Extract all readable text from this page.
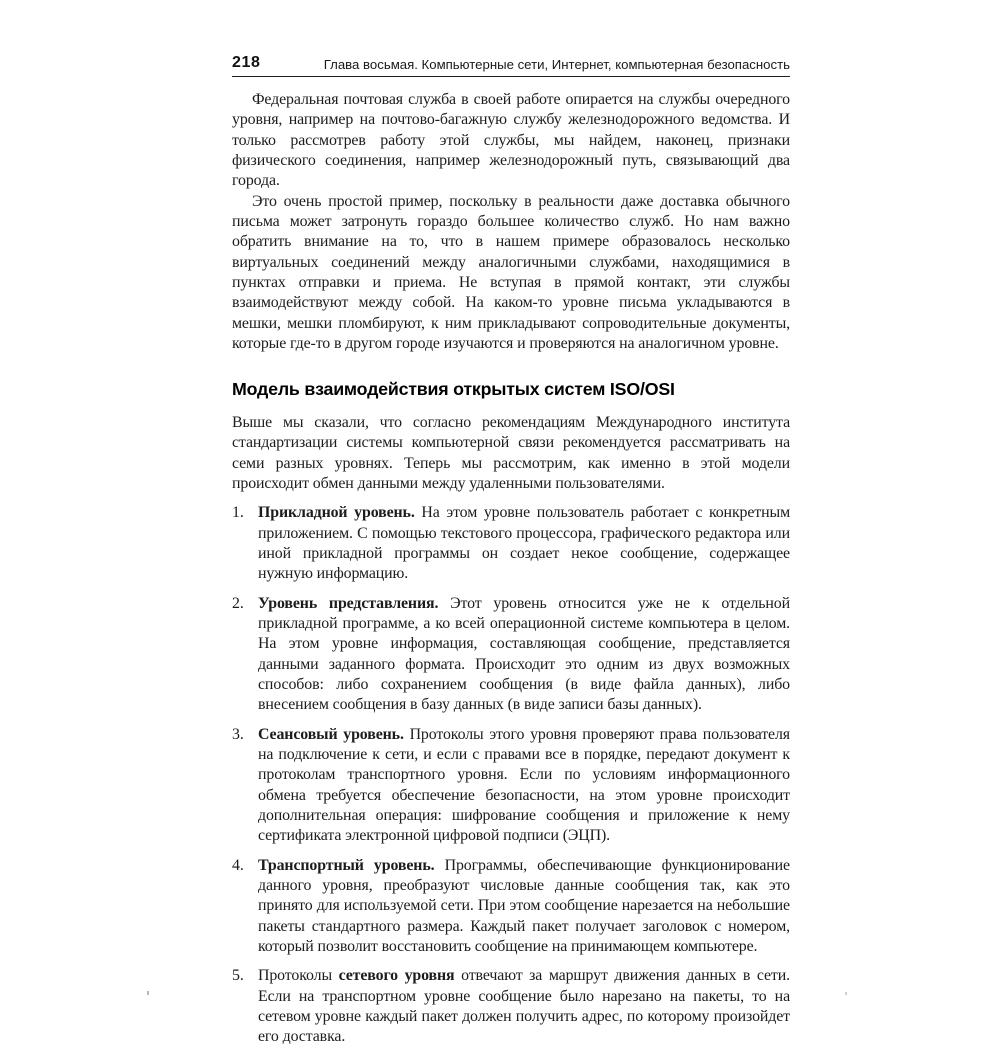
218	Глава восьмая. Компьютерные сети, Интернет, компьютерная безопасность

Федеральная почтовая служба в своей работе опирается на службы очередного уровня, например на почтово-багажную службу железнодорожного ведомства. И только рассмотрев работу этой службы, мы найдем, наконец, признаки физического соединения, например железнодорожный путь, связывающий два города.

Это очень простой пример, поскольку в реальности даже доставка обычного письма может затронуть гораздо большее количество служб. Но нам важно обратить внимание на то, что в нашем примере образовалось несколько виртуальных соединений между аналогичными службами, находящимися в пунктах отправки и приема. Не вступая в прямой контакт, эти службы взаимодействуют между собой. На каком-то уровне письма укладываются в мешки, мешки пломбируют, к ним прикладывают сопроводительные документы, которые где-то в другом городе изучаются и проверяются на аналогичном уровне.

Модель взаимодействия открытых систем ISO/OSI

Выше мы сказали, что согласно рекомендациям Международного института стандартизации системы компьютерной связи рекомендуется рассматривать на семи разных уровнях. Теперь мы рассмотрим, как именно в этой модели происходит обмен данными между удаленными пользователями.

1. Прикладной уровень. На этом уровне пользователь работает с конкретным приложением. С помощью текстового процессора, графического редактора или иной прикладной программы он создает некое сообщение, содержащее нужную информацию.
2. Уровень представления. Этот уровень относится уже не к отдельной прикладной программе, а ко всей операционной системе компьютера в целом. На этом уровне информация, составляющая сообщение, представляется данными заданного формата. Происходит это одним из двух возможных способов: либо сохранением сообщения (в виде файла данных), либо внесением сообщения в базу данных (в виде записи базы данных).
3. Сеансовый уровень. Протоколы этого уровня проверяют права пользователя на подключение к сети, и если с правами все в порядке, передают документ к протоколам транспортного уровня. Если по условиям информационного обмена требуется обеспечение безопасности, на этом уровне происходит дополнительная операция: шифрование сообщения и приложение к нему сертификата электронной цифровой подписи (ЭЦП).
4. Транспортный уровень. Программы, обеспечивающие функционирование данного уровня, преобразуют числовые данные сообщения так, как это принято для используемой сети. При этом сообщение нарезается на небольшие пакеты стандартного размера. Каждый пакет получает заголовок с номером, который позволит восстановить сообщение на принимающем компьютере.
5. Протоколы сетевого уровня отвечают за маршрут движения данных в сети. Если на транспортном уровне сообщение было нарезано на пакеты, то на сетевом уровне каждый пакет должен получить адрес, по которому произойдет его доставка.
